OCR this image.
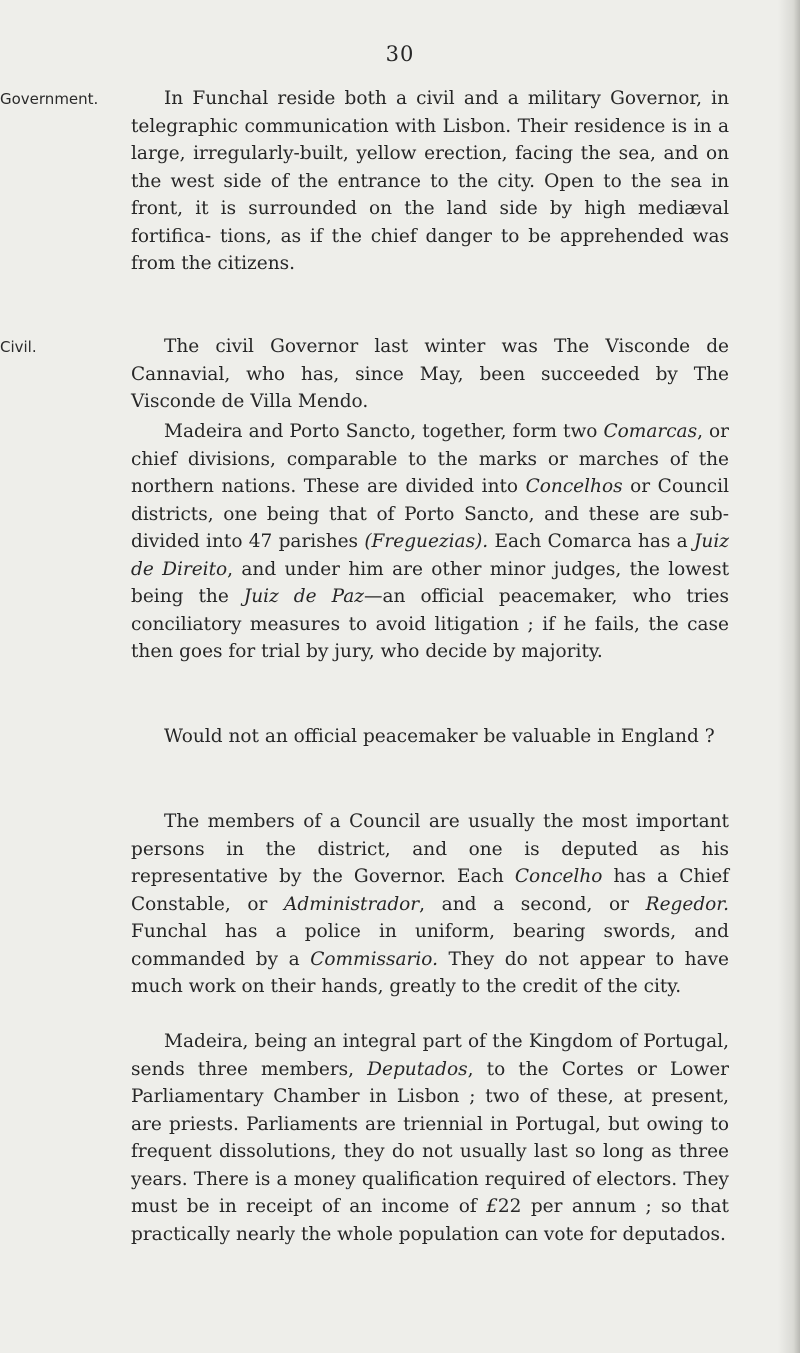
30
Government.
Civil.

In Funchal reside both a civil and a military Governor, in telegraphic communication with Lisbon. Their residence is in a large, irregularly-built, yellow erection, facing the sea, and on the west side of the entrance to the city. Open to the sea in front, it is surrounded on the land side by high mediæval fortifica- tions, as if the chief danger to be apprehended was from the citizens.

The civil Governor last winter was The Visconde de Cannavial, who has, since May, been succeeded by The Visconde de Villa Mendo.

Madeira and Porto Sancto, together, form two Comarcas, or chief divisions, comparable to the marks or marches of the northern nations. These are divided into Concelhos or Council districts, one being that of Porto Sancto, and these are sub-divided into 47 parishes (Freguezias). Each Comarca has a Juiz de Direito, and under him are other minor judges, the lowest being the Juiz de Paz—an official peacemaker, who tries conciliatory measures to avoid litigation ; if he fails, the case then goes for trial by jury, who decide by majority.

Would not an official peacemaker be valuable in England ?

The members of a Council are usually the most important persons in the district, and one is deputed as his representative by the Governor. Each Concelho has a Chief Constable, or Administrador, and a second, or Regedor. Funchal has a police in uniform, bearing swords, and commanded by a Commissario. They do not appear to have much work on their hands, greatly to the credit of the city.

Madeira, being an integral part of the Kingdom of Portugal, sends three members, Deputados, to the Cortes or Lower Parliamentary Chamber in Lisbon ; two of these, at present, are priests. Parliaments are triennial in Portugal, but owing to frequent dissolutions, they do not usually last so long as three years. There is a money qualification required of electors. They must be in receipt of an income of £22 per annum ; so that practically nearly the whole population can vote for deputados.
